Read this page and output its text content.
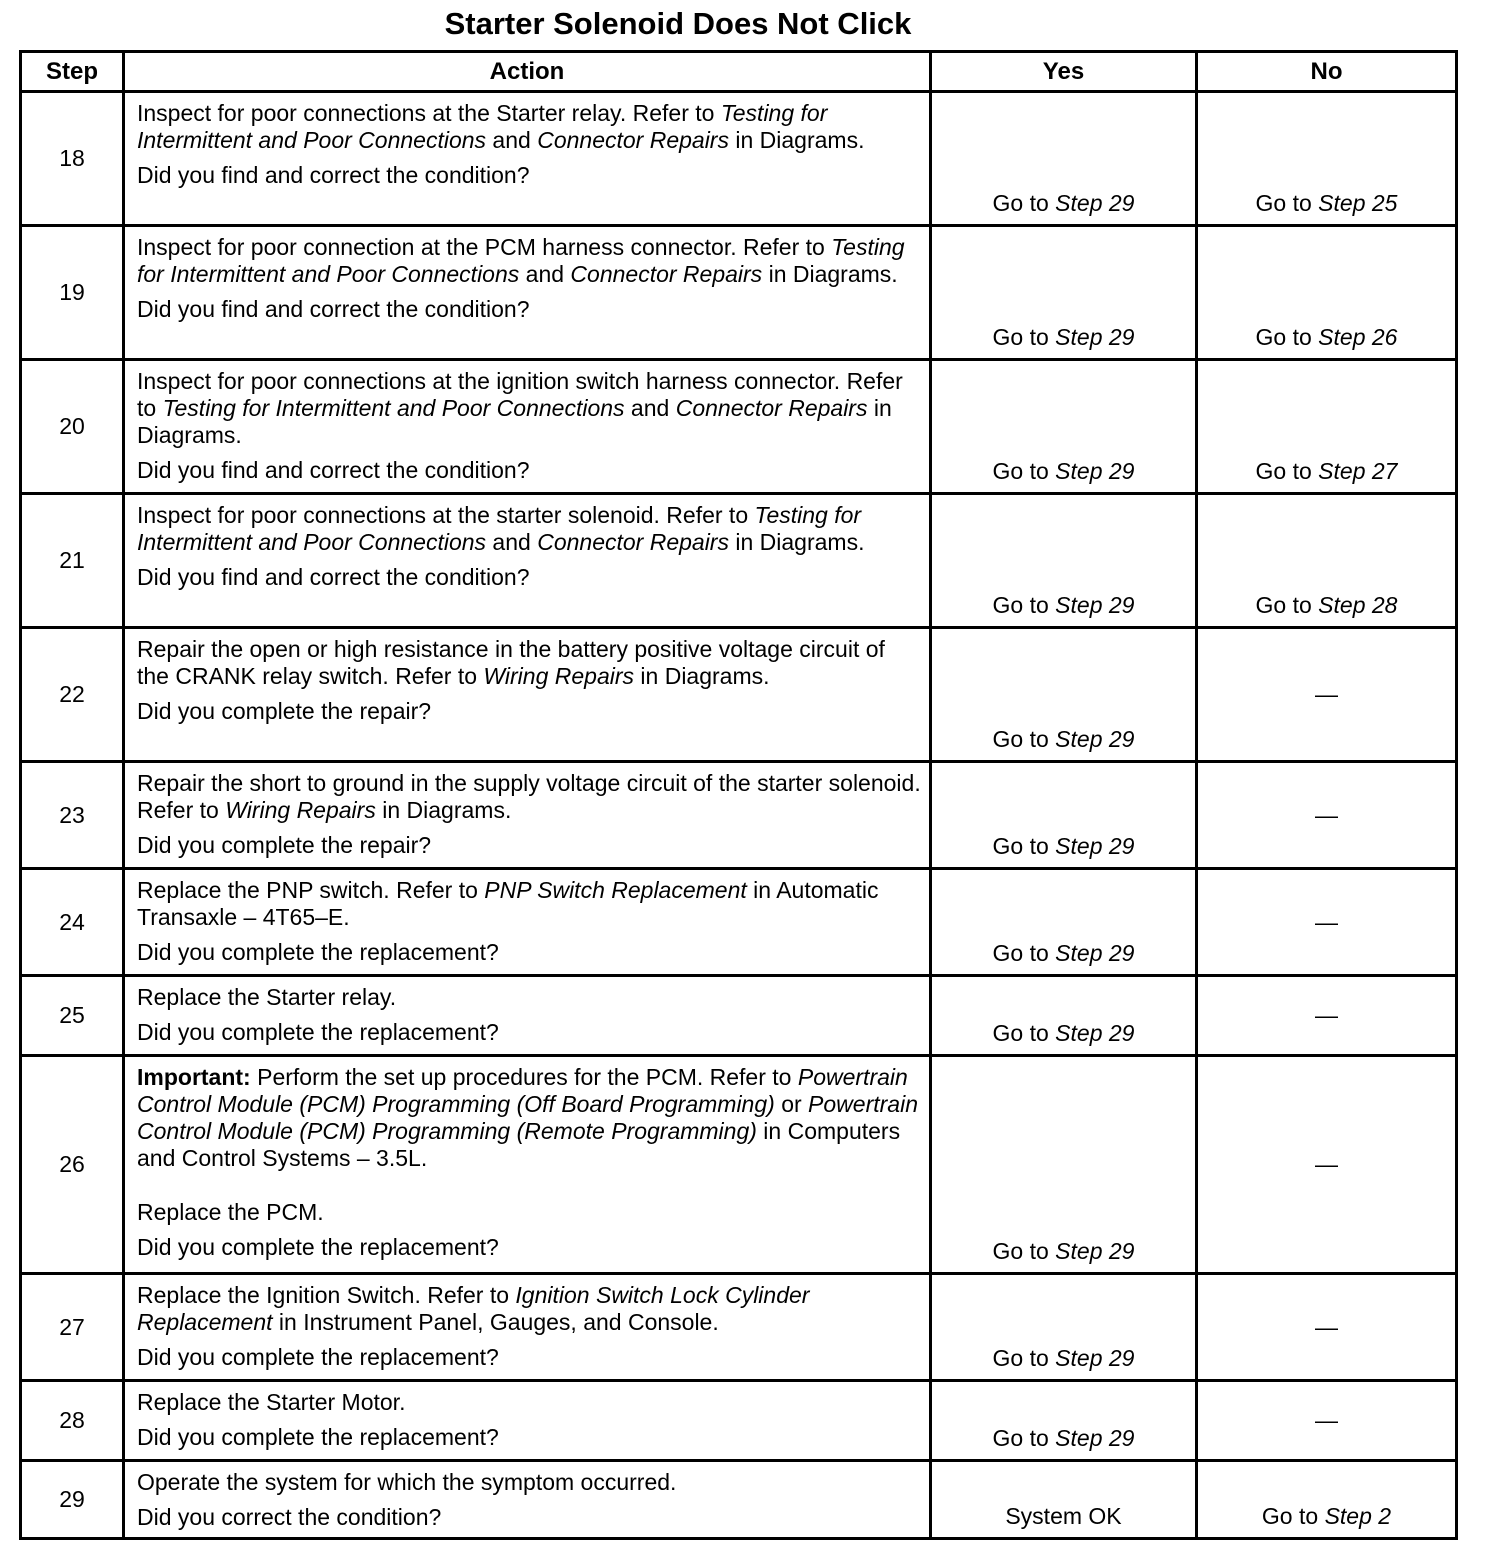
Starter Solenoid Does Not Click
Step	Action	Yes	No
18	Inspect for poor connections at the Starter relay. Refer to Testing for Intermittent and Poor Connections and Connector Repairs in Diagrams.
Did you find and correct the condition?	Go to Step 29	Go to Step 25
19	Inspect for poor connection at the PCM harness connector. Refer to Testing for Intermittent and Poor Connections and Connector Repairs in Diagrams.
Did you find and correct the condition?	Go to Step 29	Go to Step 26
20	Inspect for poor connections at the ignition switch harness connector. Refer to Testing for Intermittent and Poor Connections and Connector Repairs in Diagrams.
Did you find and correct the condition?	Go to Step 29	Go to Step 27
21	Inspect for poor connections at the starter solenoid. Refer to Testing for Intermittent and Poor Connections and Connector Repairs in Diagrams.
Did you find and correct the condition?	Go to Step 29	Go to Step 28
22	Repair the open or high resistance in the battery positive voltage circuit of the CRANK relay switch. Refer to Wiring Repairs in Diagrams.
Did you complete the repair?	Go to Step 29	—
23	Repair the short to ground in the supply voltage circuit of the starter solenoid. Refer to Wiring Repairs in Diagrams.
Did you complete the repair?	Go to Step 29	—
24	Replace the PNP switch. Refer to PNP Switch Replacement in Automatic Transaxle – 4T65–E.
Did you complete the replacement?	Go to Step 29	—
25	Replace the Starter relay.
Did you complete the replacement?	Go to Step 29	—
26	Important: Perform the set up procedures for the PCM. Refer to Powertrain Control Module (PCM) Programming (Off Board Programming) or Powertrain Control Module (PCM) Programming (Remote Programming) in Computers and Control Systems – 3.5L.
Replace the PCM.
Did you complete the replacement?	Go to Step 29	—
27	Replace the Ignition Switch. Refer to Ignition Switch Lock Cylinder Replacement in Instrument Panel, Gauges, and Console.
Did you complete the replacement?	Go to Step 29	—
28	Replace the Starter Motor.
Did you complete the replacement?	Go to Step 29	—
29	Operate the system for which the symptom occurred.
Did you correct the condition?	System OK	Go to Step 2
